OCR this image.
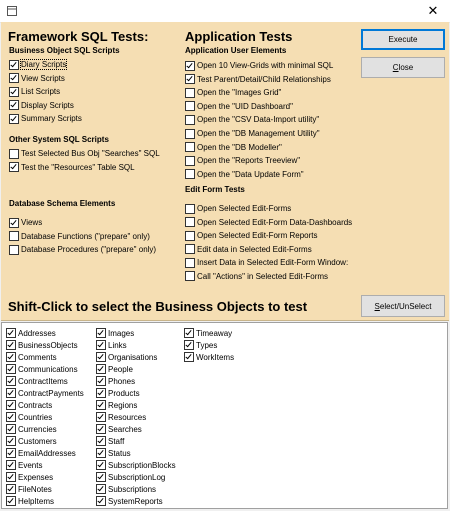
✕
Framework SQL Tests:
Business Object SQL Scripts
Diary Scripts
View Scripts
List Scripts
Display Scripts
Summary Scripts
Other System SQL Scripts
Test Selected Bus Obj "Searches" SQL
Test the "Resources" Table SQL
Database Schema Elements
Views
Database Functions ("prepare" only)
Database Procedures ("prepare" only)
Application Tests
Application User Elements
Open 10 View-Grids with minimal SQL
Test Parent/Detail/Child Relationships
Open the "Images Grid"
Open the "UID Dashboard"
Open the "CSV Data-Import utility"
Open the "DB Management Utility"
Open the "DB Modeller"
Open the "Reports Treeview"
Open the "Data Update Form"
Edit Form Tests
Open Selected Edit-Forms
Open Selected Edit-Form Data-Dashboards
Open Selected Edit-Form Reports
Edit data in Selected Edit-Forms
Insert Data in Selected Edit-Form Window:
Call "Actions" in Selected Edit-Forms
Execute
Close
Shift-Click to select the Business Objects to test	Select/UnSelect
Addresses
BusinessObjects
Comments
Communications
ContractItems
ContractPayments
Contracts
Countries
Currencies
Customers
EmailAddresses
Events
Expenses
FileNotes
HelpItems
Images
Links
Organisations
People
Phones
Products
Regions
Resources
Searches
Staff
Status
SubscriptionBlocks
SubscriptionLog
Subscriptions
SystemReports
Timeaway
Types
WorkItems
